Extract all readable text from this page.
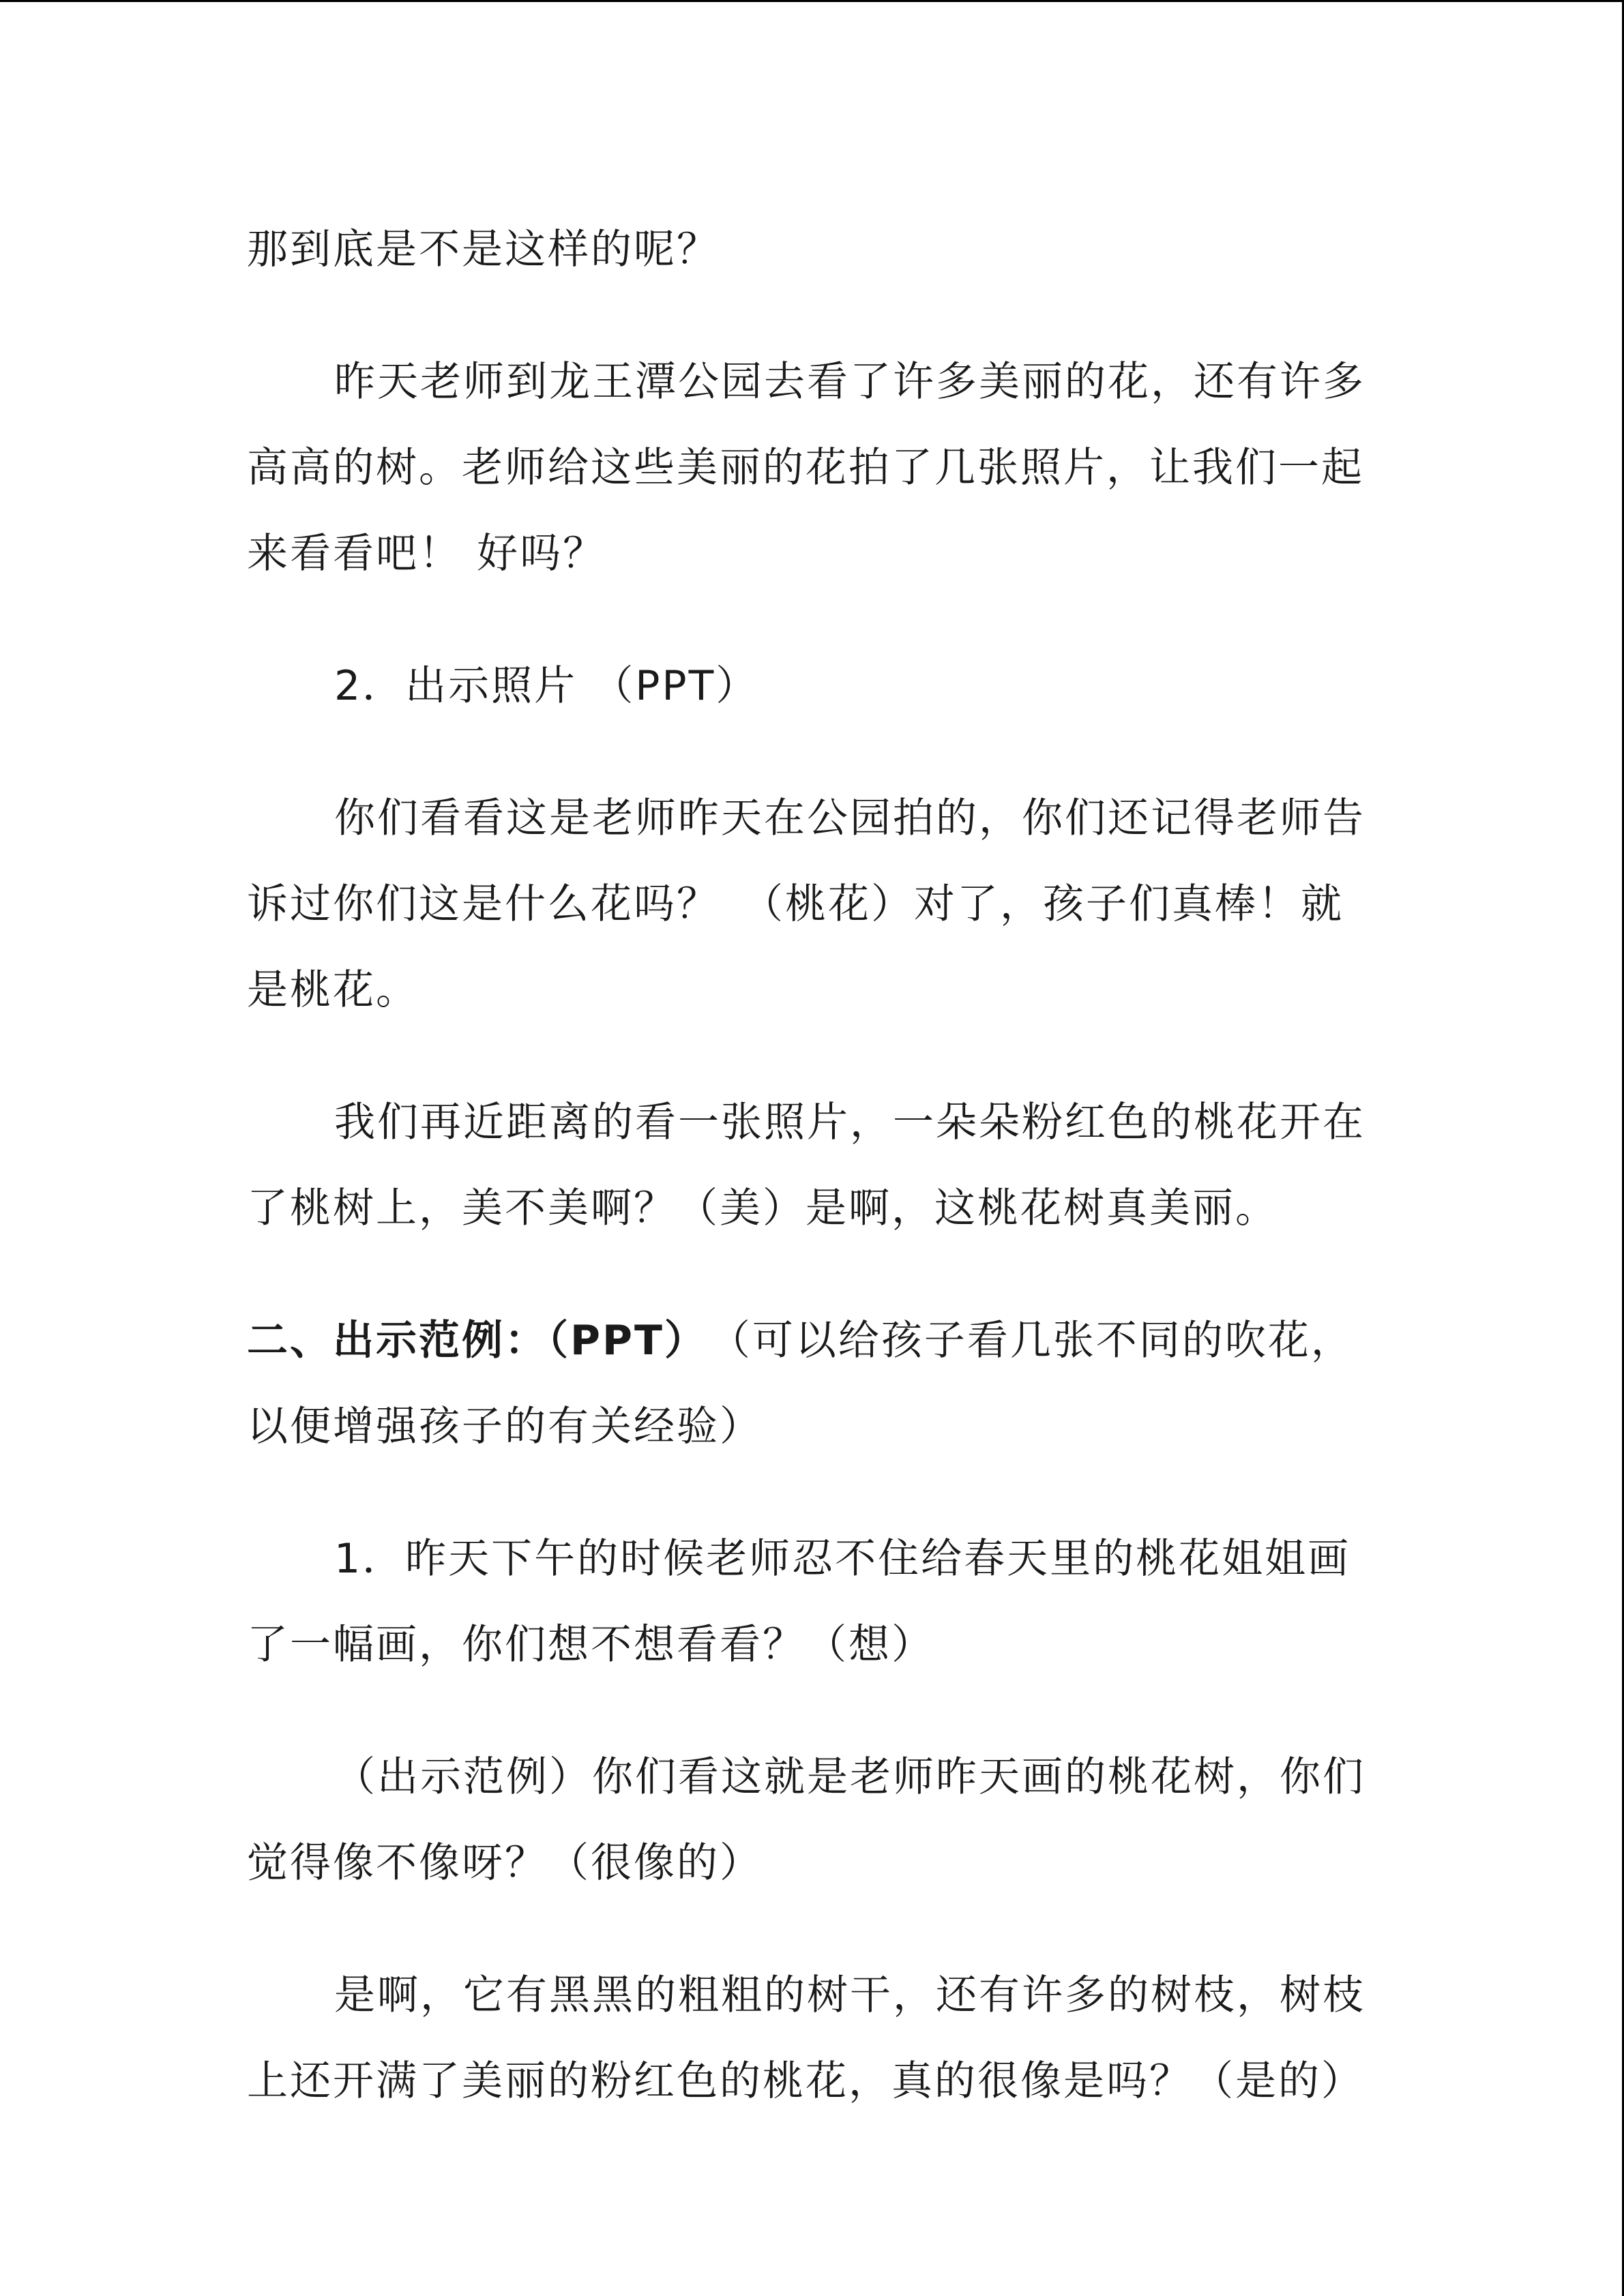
那到底是不是这样的呢？

昨天老师到龙王潭公园去看了许多美丽的花，还有许多高高的树。老师给这些美丽的花拍了几张照片，让我们一起来看看吧！ 好吗？

2．出示照片 （PPT）

你们看看这是老师昨天在公园拍的，你们还记得老师告诉过你们这是什么花吗？　（桃花）对了，孩子们真棒！就是桃花。

我们再近距离的看一张照片，一朵朵粉红色的桃花开在了桃树上，美不美啊？（美）是啊，这桃花树真美丽。

二、出示范例：（PPT）　 （可以给孩子看几张不同的吹花，以便增强孩子的有关经验）

1．昨天下午的时候老师忍不住给春天里的桃花姐姐画了一幅画，你们想不想看看？（想）

（出示范例）你们看这就是老师昨天画的桃花树，你们觉得像不像呀？（很像的）

是啊，它有黑黑的粗粗的树干，还有许多的树枝，树枝上还开满了美丽的粉红色的桃花，真的很像是吗？（是的）
